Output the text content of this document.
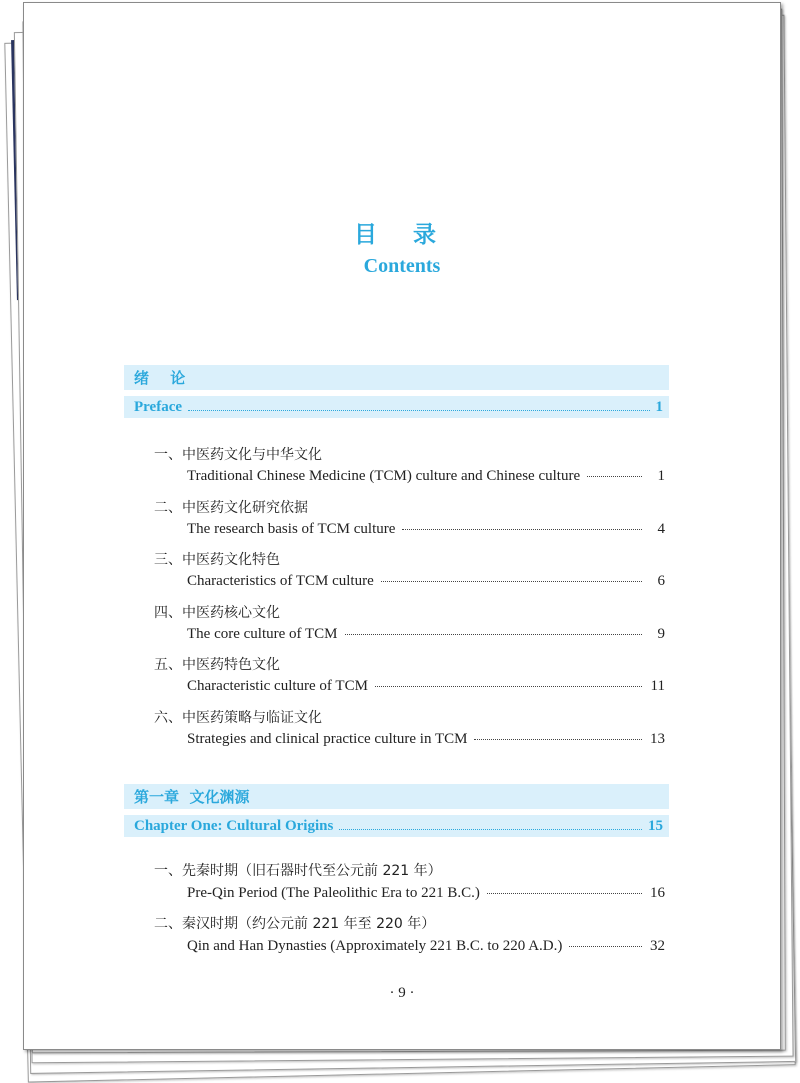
目 录
Contents
绪 论
Preface	1
一、中医药文化与中华文化
Traditional Chinese Medicine (TCM) culture and Chinese culture	1
二、中医药文化研究依据
The research basis of TCM culture	4
三、中医药文化特色
Characteristics of TCM culture	6
四、中医药核心文化
The core culture of TCM	9
五、中医药特色文化
Characteristic culture of TCM	11
六、中医药策略与临证文化
Strategies and clinical practice culture in TCM	13
第一章  文化渊源
Chapter One: Cultural Origins	15
一、先秦时期（旧石器时代至公元前 221 年）
Pre-Qin Period (The Paleolithic Era to 221 B.C.)	16
二、秦汉时期（约公元前 221 年至 220 年）
Qin and Han Dynasties (Approximately 221 B.C. to 220 A.D.)	32
· 9 ·
